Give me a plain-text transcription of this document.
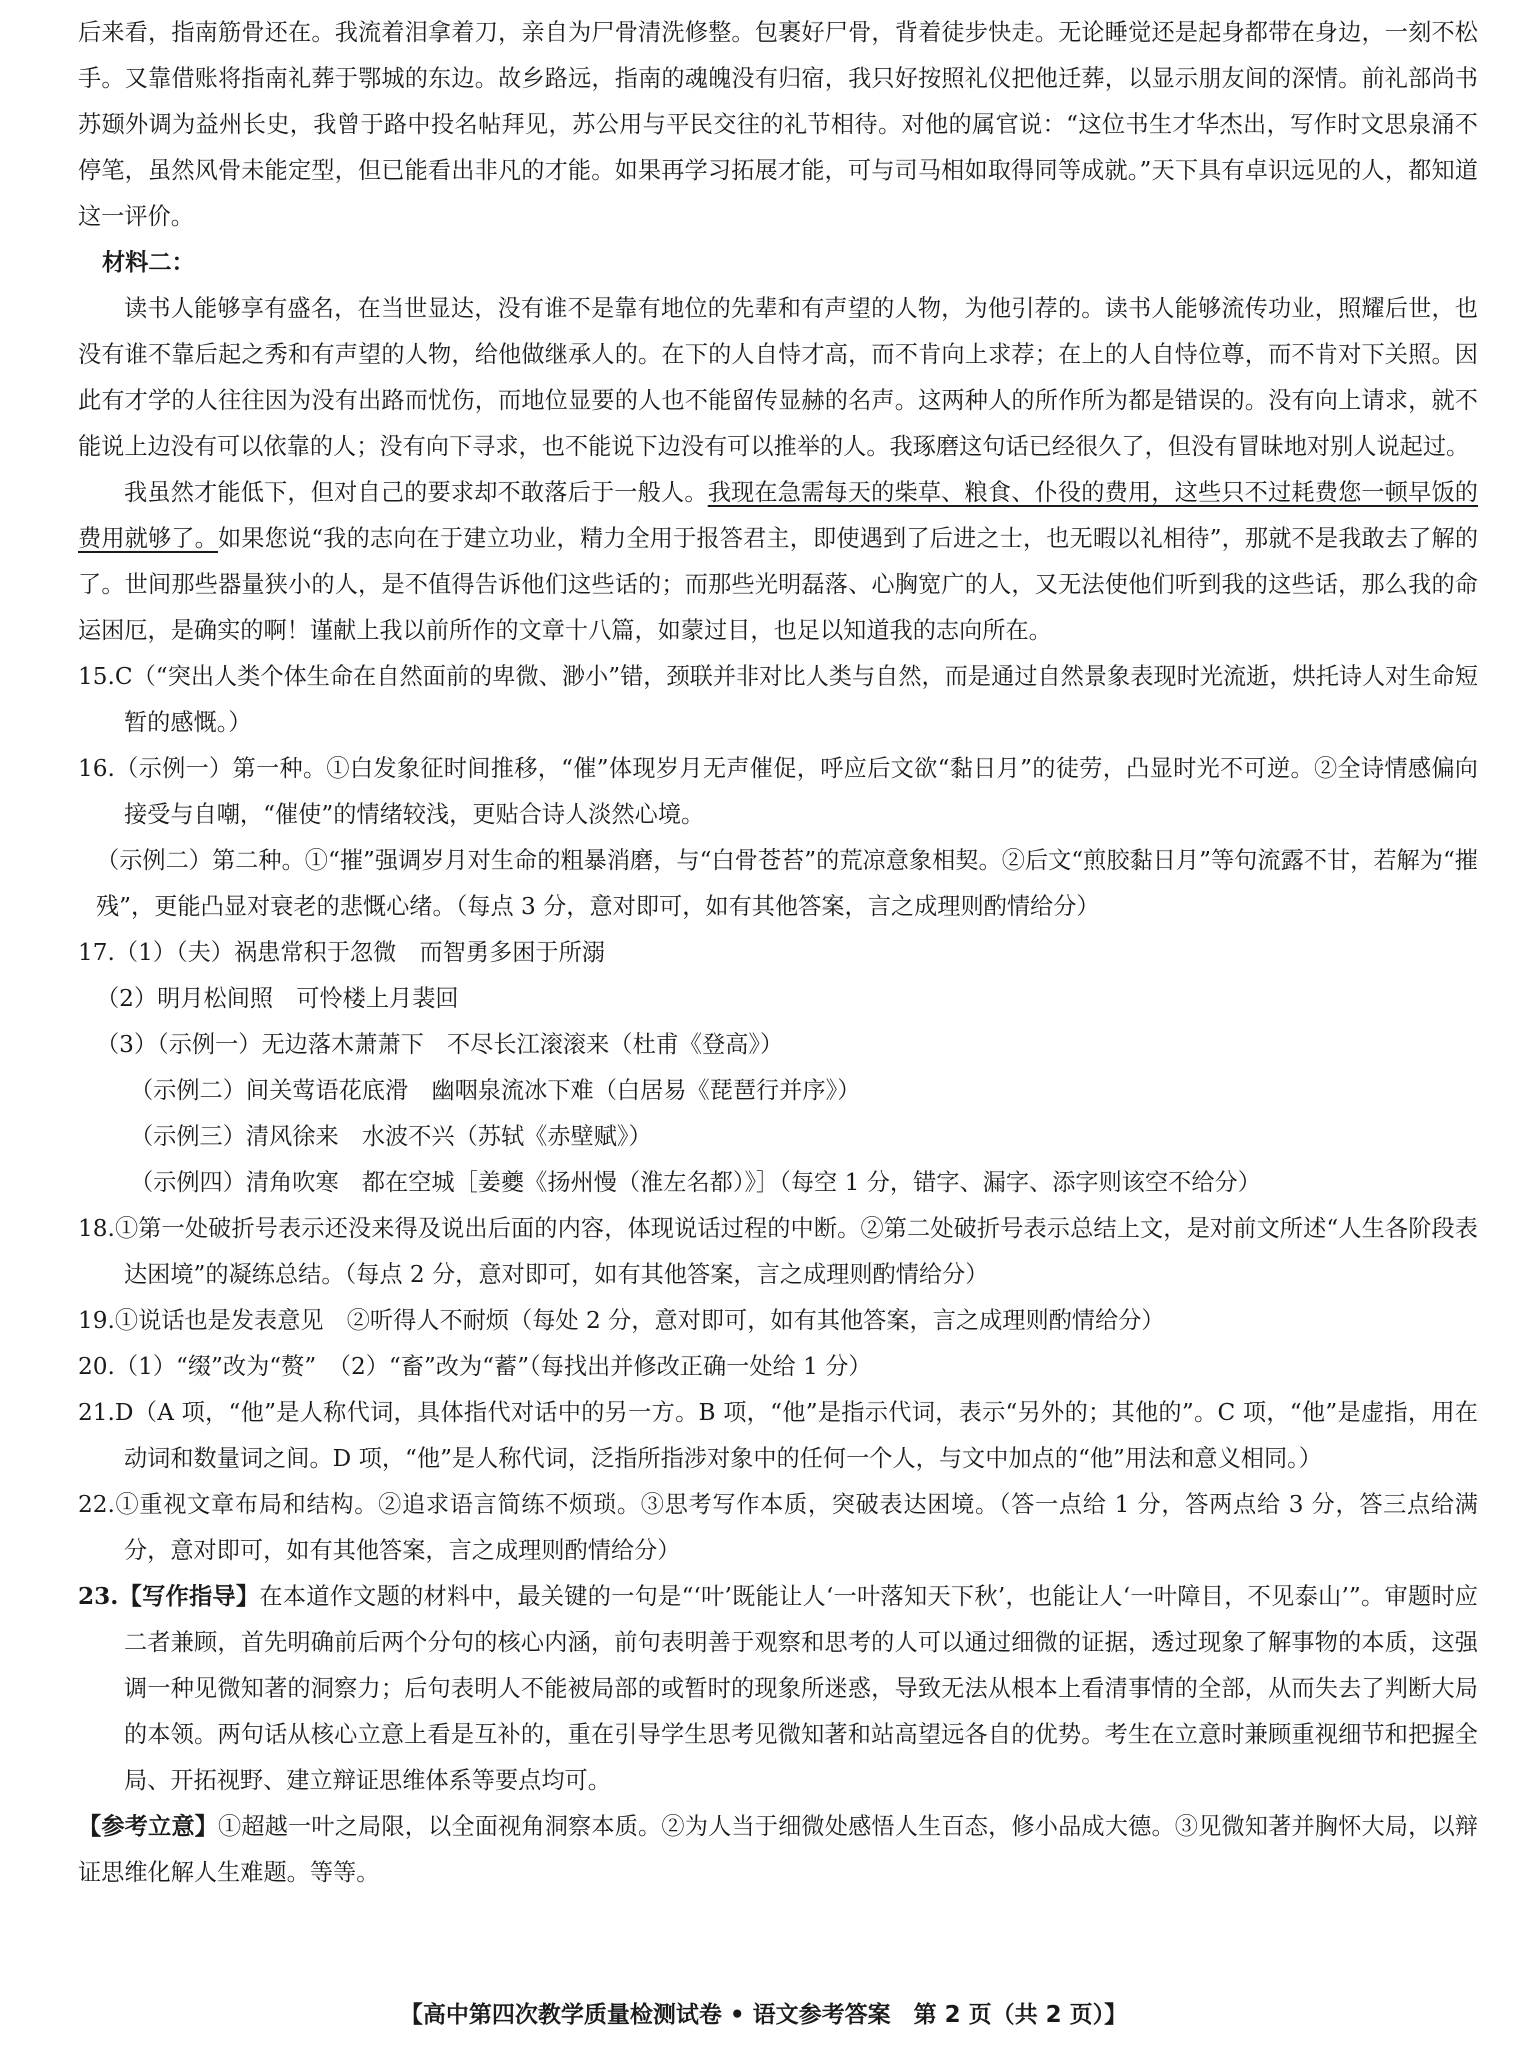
后来看，指南筋骨还在。我流着泪拿着刀，亲自为尸骨清洗修整。包裹好尸骨，背着徒步快走。无论睡觉还是起身都带在身边，一刻不松手。又靠借账将指南礼葬于鄂城的东边。故乡路远，指南的魂魄没有归宿，我只好按照礼仪把他迁葬，以显示朋友间的深情。前礼部尚书苏颋外调为益州长史，我曾于路中投名帖拜见，苏公用与平民交往的礼节相待。对他的属官说：“这位书生才华杰出，写作时文思泉涌不停笔，虽然风骨未能定型，但已能看出非凡的才能。如果再学习拓展才能，可与司马相如取得同等成就。”天下具有卓识远见的人，都知道这一评价。

材料二：

读书人能够享有盛名，在当世显达，没有谁不是靠有地位的先辈和有声望的人物，为他引荐的。读书人能够流传功业，照耀后世，也没有谁不靠后起之秀和有声望的人物，给他做继承人的。在下的人自恃才高，而不肯向上求荐；在上的人自恃位尊，而不肯对下关照。因此有才学的人往往因为没有出路而忧伤，而地位显要的人也不能留传显赫的名声。这两种人的所作所为都是错误的。没有向上请求，就不能说上边没有可以依靠的人；没有向下寻求，也不能说下边没有可以推举的人。我琢磨这句话已经很久了，但没有冒昧地对别人说起过。

我虽然才能低下，但对自己的要求却不敢落后于一般人。我现在急需每天的柴草、粮食、仆役的费用，这些只不过耗费您一顿早饭的费用就够了。如果您说“我的志向在于建立功业，精力全用于报答君主，即使遇到了后进之士，也无暇以礼相待”，那就不是我敢去了解的了。世间那些器量狭小的人，是不值得告诉他们这些话的；而那些光明磊落、心胸宽广的人，又无法使他们听到我的这些话，那么我的命运困厄，是确实的啊！谨献上我以前所作的文章十八篇，如蒙过目，也足以知道我的志向所在。

15.C（“突出人类个体生命在自然面前的卑微、渺小”错，颈联并非对比人类与自然，而是通过自然景象表现时光流逝，烘托诗人对生命短暂的感慨。）

16.（示例一）第一种。①白发象征时间推移，“催”体现岁月无声催促，呼应后文欲“黏日月”的徒劳，凸显时光不可逆。②全诗情感偏向接受与自嘲，“催使”的情绪较浅，更贴合诗人淡然心境。

（示例二）第二种。①“摧”强调岁月对生命的粗暴消磨，与“白骨苍苔”的荒凉意象相契。②后文“煎胶黏日月”等句流露不甘，若解为“摧残”，更能凸显对衰老的悲慨心绪。（每点 3 分，意对即可，如有其他答案，言之成理则酌情给分）

17.（1）（夫）祸患常积于忽微　而智勇多困于所溺

（2）明月松间照　可怜楼上月裴回

（3）（示例一）无边落木萧萧下　不尽长江滚滚来（杜甫《登高》）

（示例二）间关莺语花底滑　幽咽泉流冰下难（白居易《琵琶行并序》）

（示例三）清风徐来　水波不兴（苏轼《赤壁赋》）

（示例四）清角吹寒　都在空城［姜夔《扬州慢（淮左名都）》］（每空 1 分，错字、漏字、添字则该空不给分）

18.①第一处破折号表示还没来得及说出后面的内容，体现说话过程的中断。②第二处破折号表示总结上文，是对前文所述“人生各阶段表达困境”的凝练总结。（每点 2 分，意对即可，如有其他答案，言之成理则酌情给分）

19.①说话也是发表意见　②听得人不耐烦（每处 2 分，意对即可，如有其他答案，言之成理则酌情给分）

20.（1）“缀”改为“赘”　（2）“畜”改为“蓄”（每找出并修改正确一处给 1 分）

21.D（A 项，“他”是人称代词，具体指代对话中的另一方。B 项，“他”是指示代词，表示“另外的；其他的”。C 项，“他”是虚指，用在动词和数量词之间。D 项，“他”是人称代词，泛指所指涉对象中的任何一个人，与文中加点的“他”用法和意义相同。）

22.①重视文章布局和结构。②追求语言简练不烦琐。③思考写作本质，突破表达困境。（答一点给 1 分，答两点给 3 分，答三点给满分，意对即可，如有其他答案，言之成理则酌情给分）

23.【写作指导】在本道作文题的材料中，最关键的一句是“‘叶’既能让人‘一叶落知天下秋’，也能让人‘一叶障目，不见泰山’”。审题时应二者兼顾，首先明确前后两个分句的核心内涵，前句表明善于观察和思考的人可以通过细微的证据，透过现象了解事物的本质，这强调一种见微知著的洞察力；后句表明人不能被局部的或暂时的现象所迷惑，导致无法从根本上看清事情的全部，从而失去了判断大局的本领。两句话从核心立意上看是互补的，重在引导学生思考见微知著和站高望远各自的优势。考生在立意时兼顾重视细节和把握全局、开拓视野、建立辩证思维体系等要点均可。

【参考立意】①超越一叶之局限，以全面视角洞察本质。②为人当于细微处感悟人生百态，修小品成大德。③见微知著并胸怀大局，以辩证思维化解人生难题。等等。

【高中第四次教学质量检测试卷 • 语文参考答案　第 2 页（共 2 页）】
